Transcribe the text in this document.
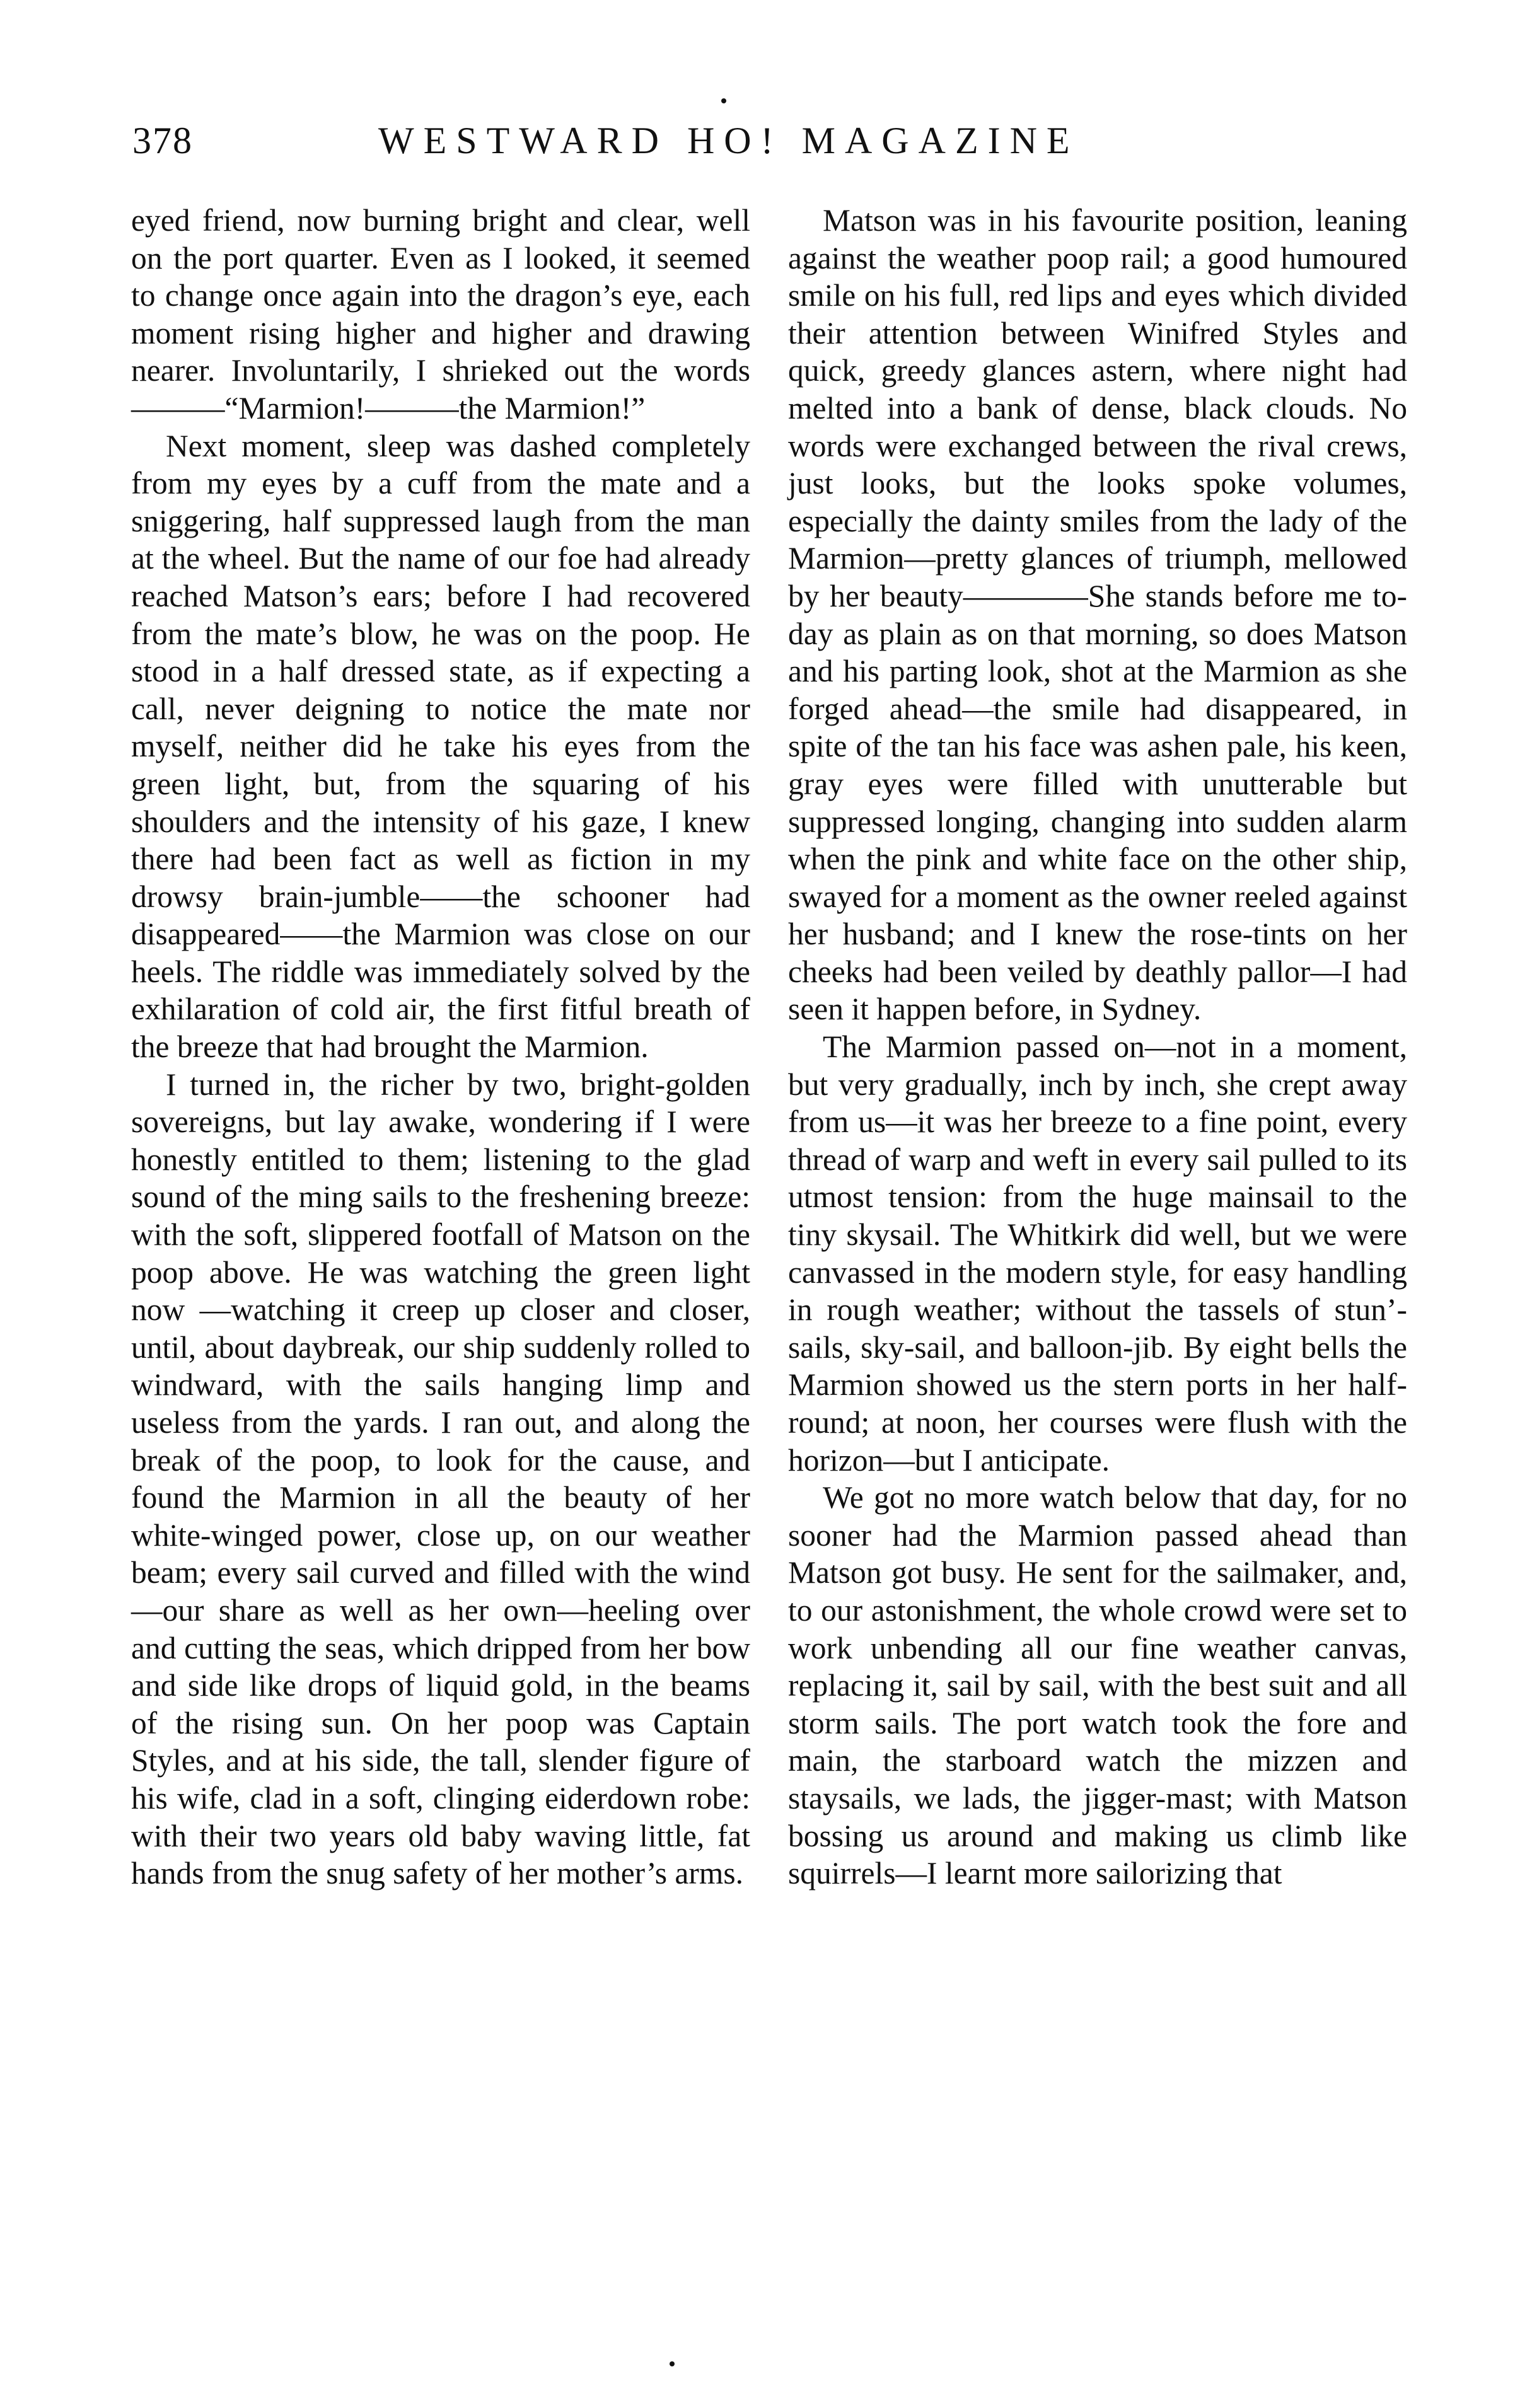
378	WESTWARD HO! MAGAZINE

eyed friend, now burning bright and clear, well on the port quarter. Even as I looked, it seemed to change once again into the dragon’s eye, each moment rising higher and higher and drawing nearer. Involuntarily, I shrieked out the words———“Marmion!———the Marmion!”

Next moment, sleep was dashed completely from my eyes by a cuff from the mate and a sniggering, half suppressed laugh from the man at the wheel. But the name of our foe had already reached Matson’s ears; before I had recovered from the mate’s blow, he was on the poop. He stood in a half dressed state, as if expecting a call, never deigning to notice the mate nor myself, neither did he take his eyes from the green light, but, from the squaring of his shoulders and the intensity of his gaze, I knew there had been fact as well as fiction in my drowsy brain-jumble——the schooner had disappeared——the Marmion was close on our heels. The riddle was immediately solved by the exhilaration of cold air, the first fitful breath of the breeze that had brought the Marmion.

I turned in, the richer by two, bright-golden sovereigns, but lay awake, wondering if I were honestly entitled to them; listening to the glad sound of the ming sails to the freshening breeze: with the soft, slippered footfall of Matson on the poop above. He was watching the green light now —watching it creep up closer and closer, until, about daybreak, our ship suddenly rolled to windward, with the sails hanging limp and useless from the yards. I ran out, and along the break of the poop, to look for the cause, and found the Marmion in all the beauty of her white-winged power, close up, on our weather beam; every sail curved and filled with the wind—our share as well as her own—heeling over and cutting the seas, which dripped from her bow and side like drops of liquid gold, in the beams of the rising sun. On her poop was Captain Styles, and at his side, the tall, slender figure of his wife, clad in a soft, clinging eiderdown robe: with their two years old baby waving little, fat hands from the snug safety of her mother’s arms.

Matson was in his favourite position, leaning against the weather poop rail; a good humoured smile on his full, red lips and eyes which divided their attention between Winifred Styles and quick, greedy glances astern, where night had melted into a bank of dense, black clouds. No words were exchanged between the rival crews, just looks, but the looks spoke volumes, especially the dainty smiles from the lady of the Marmion—pretty glances of triumph, mellowed by her beauty————She stands before me to-day as plain as on that morning, so does Matson and his parting look, shot at the Marmion as she forged ahead—the smile had disappeared, in spite of the tan his face was ashen pale, his keen, gray eyes were filled with unutterable but suppressed longing, changing into sudden alarm when the pink and white face on the other ship, swayed for a moment as the owner reeled against her husband; and I knew the rose-tints on her cheeks had been veiled by deathly pallor—I had seen it happen before, in Sydney.

The Marmion passed on—not in a moment, but very gradually, inch by inch, she crept away from us—it was her breeze to a fine point, every thread of warp and weft in every sail pulled to its utmost tension: from the huge mainsail to the tiny skysail. The Whitkirk did well, but we were canvassed in the modern style, for easy handling in rough weather; without the tassels of stun’-sails, sky-sail, and balloon-jib. By eight bells the Marmion showed us the stern ports in her half-round; at noon, her courses were flush with the horizon—but I anticipate.

We got no more watch below that day, for no sooner had the Marmion passed ahead than Matson got busy. He sent for the sailmaker, and, to our astonishment, the whole crowd were set to work unbending all our fine weather canvas, replacing it, sail by sail, with the best suit and all storm sails. The port watch took the fore and main, the starboard watch the mizzen and staysails, we lads, the jigger-mast; with Matson bossing us around and making us climb like squirrels—I learnt more sailorizing that
